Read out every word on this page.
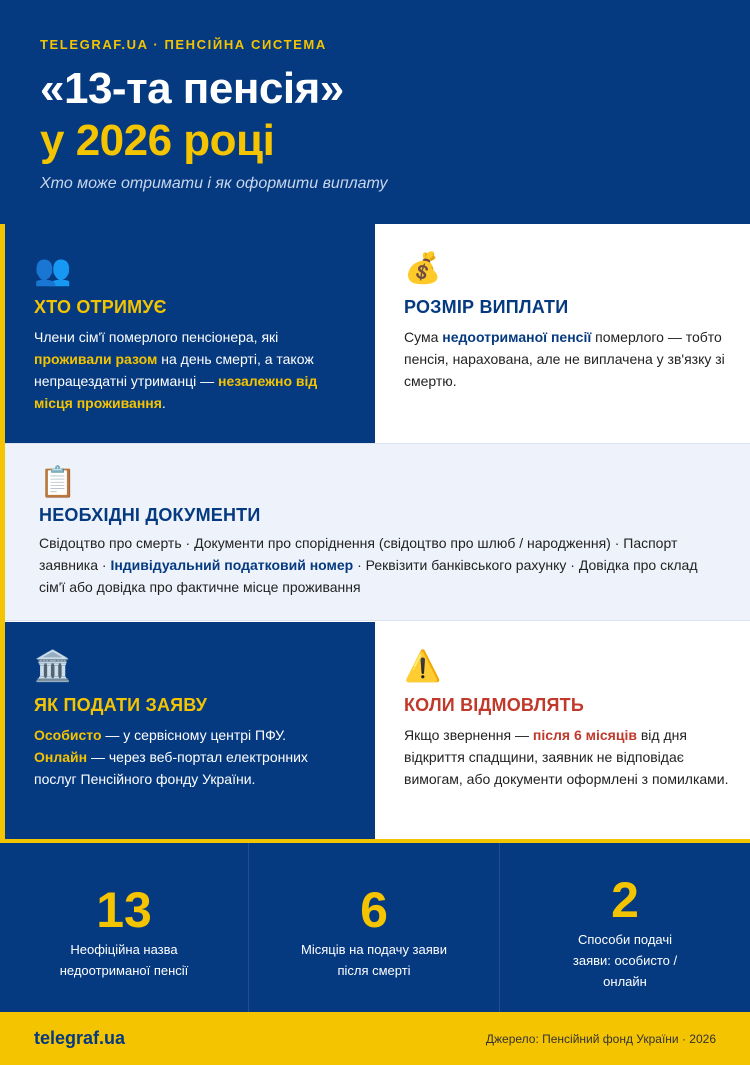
TELEGRAF.UA · ПЕНСІЙНА СИСТЕМА
«13-та пенсія»
у 2026 році
Хто може отримати і як оформити виплату
👥
ХТО ОТРИМУЄ

Члени сім'ї померлого пенсіонера, які проживали разом на день смерті, а також непрацездатні утриманці — незалежно від місця проживання.

💰
РОЗМІР ВИПЛАТИ

Сума недоотриманої пенсії померлого — тобто пенсія, нарахована, але не виплачена у зв'язку зі смертю.

📋
НЕОБХІДНІ ДОКУМЕНТИ

Свідоцтво про смерть · Документи про споріднення (свідоцтво про шлюб / народження) · Паспорт заявника · Індивідуальний податковий номер · Реквізити банківського рахунку · Довідка про склад сім'ї або довідка про фактичне місце проживання

🏛️
ЯК ПОДАТИ ЗАЯВУ

Особисто — у сервісному центрі ПФУ.
Онлайн — через веб-портал електронних послуг Пенсійного фонду України.

⚠️
КОЛИ ВІДМОВЛЯТЬ

Якщо звернення — після 6 місяців від дня відкриття спадщини, заявник не відповідає вимогам, або документи оформлені з помилками.

13
Неофіційна назва недоотриманої пенсії
6
Місяців на подачу заяви після смерті
2
Способи подачі заяви: особисто / онлайн
telegraf.ua	Джерело: Пенсійний фонд України · 2026
